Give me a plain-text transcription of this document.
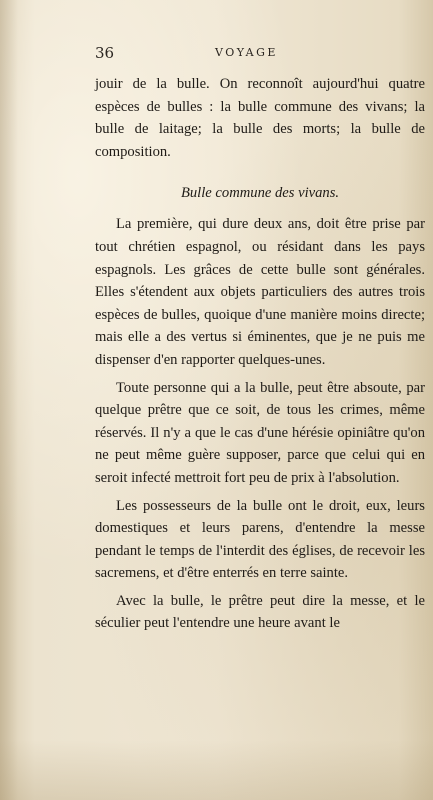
36	VOYAGE

jouir de la bulle. On reconnoît aujourd'hui quatre espèces de bulles : la bulle commune des vivans; la bulle de laitage; la bulle des morts; la bulle de composition.

Bulle commune des vivans.

La première, qui dure deux ans, doit être prise par tout chrétien espagnol, ou résidant dans les pays espagnols. Les grâces de cette bulle sont générales. Elles s'étendent aux objets particuliers des autres trois espèces de bulles, quoique d'une manière moins directe; mais elle a des vertus si éminentes, que je ne puis me dispenser d'en rapporter quelques-unes.

Toute personne qui a la bulle, peut être absoute, par quelque prêtre que ce soit, de tous les crimes, même réservés. Il n'y a que le cas d'une hérésie opiniâtre qu'on ne peut même guère supposer, parce que celui qui en seroit infecté mettroit fort peu de prix à l'absolution.

Les possesseurs de la bulle ont le droit, eux, leurs domestiques et leurs parens, d'entendre la messe pendant le temps de l'interdit des églises, de recevoir les sacremens, et d'être enterrés en terre sainte.

Avec la bulle, le prêtre peut dire la messe, et le séculier peut l'entendre une heure avant le
